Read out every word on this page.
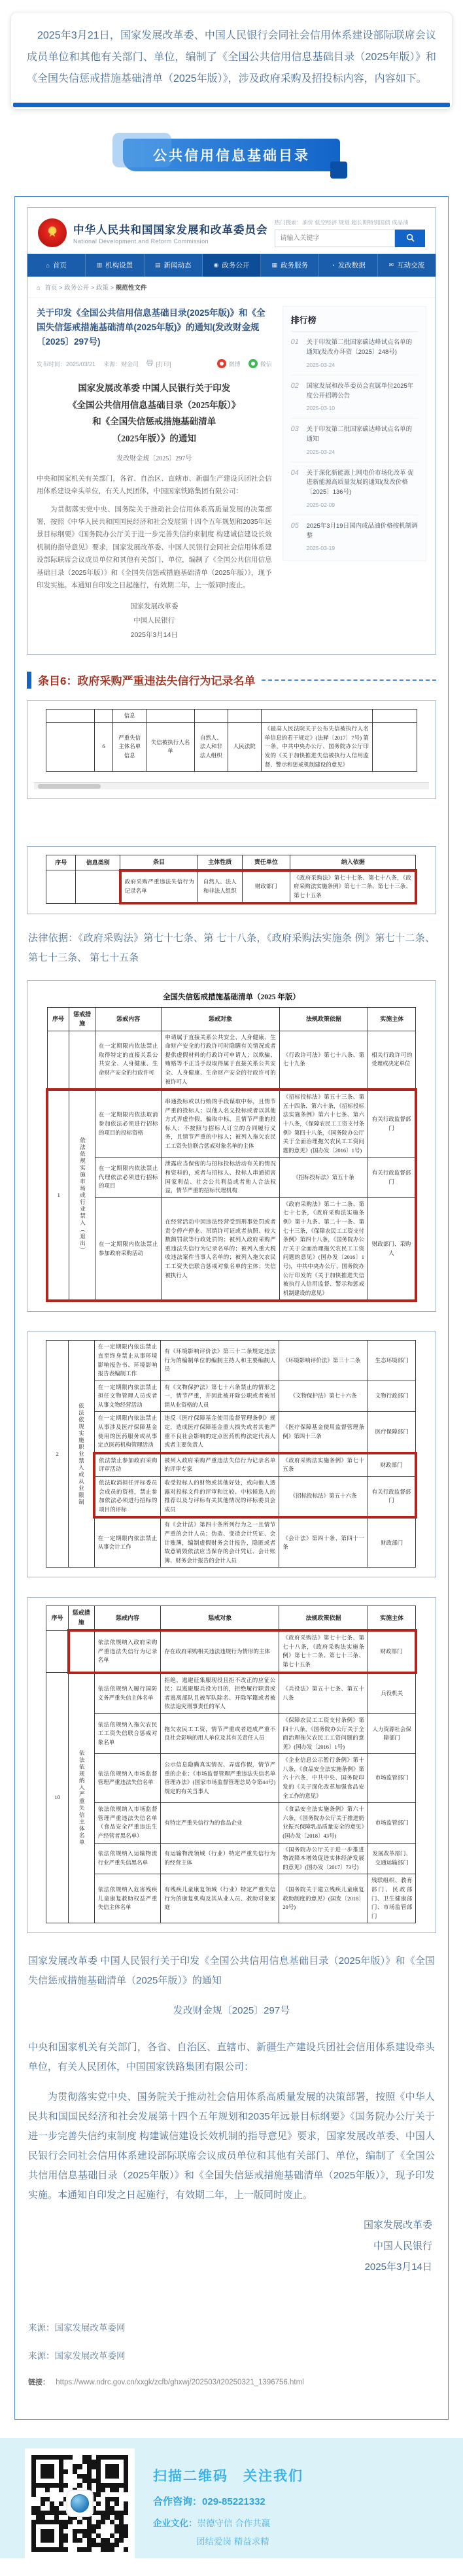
2025年3月21日，国家发展改革委、中国人民银行会同社会信用体系建设部际联席会议成员单位和其他有关部门、单位，编制了《全国公共信用信息基础目录（2025年版）》和《全国失信惩戒措施基础清单（2025年版）》，涉及政府采购及招投标内容，内容如下。

公共信用信息基础目录
★	中华人民共和国国家发展和改革委员会
National Development and Reform Commission
热门搜索：油价 低空经济 规划 超长期特别国债 成品油
请输入关键字
⌂ 首页	▥ 机构设置	▤ 新闻动态	◉ 政务公开	▦ 政务服务	◔ 发改数据	✉ 互动交流
⌂ 首页 > 政务公开 > 政策 > 规范性文件
关于印发《全国公共信用信息基础目录(2025年版)》和《全国失信惩戒措施基础清单(2025年版)》的通知(发改财金规〔2025〕297号)
发布时间：2025/03/21 来源：财金司	[打印]	微博	微信
国家发展改革委 中国人民银行关于印发
《全国公共信用信息基础目录（2025年版）》
和《全国失信惩戒措施基础清单
（2025年版）》的通知
发改财金规〔2025〕297号

中央和国家机关有关部门，各省、自治区、直辖市、新疆生产建设兵团社会信用体系建设牵头单位，有关人民团体，中国国家铁路集团有限公司：

为贯彻落实党中央、国务院关于推动社会信用体系高质量发展的决策部署，按照《中华人民共和国国民经济和社会发展第十四个五年规划和2035年远景目标纲要》《国务院办公厅关于进一步完善失信约束制度 构建诚信建设长效机制的指导意见》要求，国家发展改革委、中国人民银行会同社会信用体系建设部际联席会议成员单位和其他有关部门、单位，编制了《全国公共信用信息基础目录（2025年版）》和《全国失信惩戒措施基础清单（2025年版）》，现予印发实施。本通知自印发之日起施行，有效期二年，上一版同时废止。

国家发展改革委
中国人民银行
2025年3月14日
排行榜
01	关于印发第二批国家碳达峰试点名单的通知(发改办环资〔2025〕248号)
2025-03-24
02	国家发展和改革委员会直属单位2025年度公开招聘公告
2025-03-10
03	关于印发第二批国家碳达峰试点名单的通知
2025-03-24
04	关于深化新能源上网电价市场化改革 促进新能源高质量发展的通知(发改价格〔2025〕136号)
2025-02-09
05	2025年3月19日国内成品油价格按机制调整
2025-03-19
条目6：政府采购严重违法失信行为记录名单
		信息					
	6	严重失信主体名单信息	失信被执行人名单	自然人、法人和非法人组织	人民法院	《最高人民法院关于公布失信被执行人名单信息的若干规定》(法释〔2017〕7号) 第一条，中共中央办公厅、国务院办公厅印发的《关于加快推进失信被执行人信用监督、警示和惩戒机制建设的意见》	
序号	信息类别	条目	主体性质	责任单位	纳入依据
		政府采购严重违法失信行为记录名单	自然人、法人和非法人组织	财政部门	《政府采购法》第七十七条、第七十八条，《政府采购法实施条例》第七十二条、第七十三条、第七十五条

法律依据：《政府采购法》第七十七条、第 七十八条，《政府采购法实施条 例》第七十二条、第七十三条、 第七十五条

全国失信惩戒措施基础清单（2025 年版）
序号	惩戒措施	惩戒内容	惩戒对象	法规政策依据	实施主体
		在一定期限内依法禁止取得特定的直接关系公共安全、人身健康、生命财产安全的行政许可	申请属于直接关系公共安全、人身健康、生命财产安全的行政许可时隐瞒有关情况或者提供虚假材料的行政许可申请人；以欺骗、贿赂等不正当手段取得属于直接关系公共安全、人身健康、生命财产安全的行政许可的被许可人	《行政许可法》第七十八条、第七十九条	相关行政许可的受理或决定单位
1	依法依规实施市场或行业禁入（退出）	在一定期限内依法取消参加依法必须进行招标的项目的投标资格	串通投标或以行贿的手段谋取中标，且情节严重的投标人；以他人名义投标或者以其他方式弄虚作假，骗取中标，且情节严重的投标人；不按照与招标人订立的合同履行义务，且情节严重的中标人；被列入拖欠农民工工资失信联合惩戒对象名单的主体	《招标投标法》第五十三条、第五十四条、第六十条，《招标投标法实施条例》第六十七条、第六十八条，《保障农民工工资支付条例》第四十八条，《国务院办公厅关于全面治理拖欠农民工工资问题的意见》(国办发〔2016〕1号)	有关行政监督部门
		在一定期限内依法禁止代理依法必须进行招标的项目	泄露应当保密的与招标投标活动有关的情况和资料的，或者与招标人、投标人串通损害国家利益、社会公共利益或者他人合法权益，情节严重的招标代理机构	《招标投标法》第五十条	有关行政监督部门
		在一定期限内依法禁止参加政府采购活动	在经营活动中因违法经营受到刑事处罚或者责令停产停业、吊销许可证或者执照、较大数额罚款等行政处罚的；被列入政府采购严重违法失信行为记录名单的；被列入重大税收违法案件当事人名单的；被列入拖欠农民工工资失信联合惩戒对象名单的主体；失信被执行人	《政府采购法》第二十二条、第七十七条，《政府采购法实施条例》第十九条、第二十一条、第七十三条，《保障农民工工资支付条例》第四十八条，《国务院办公厅关于全面治理拖欠农民工工资问题的意见》(国办发〔2016〕1号)，中共中央办公厅、国务院办公厅印发的《关于加快推进失信被执行人信用监督、警示和惩戒机制建设的意见》	财政部门、采购人
2	依法依规实施职业禁入或从业限制	在一定期限内依法禁止直至终身禁止从事环境影响报告书、环境影响报告表编制工作	有《环境影响评价法》第三十二条规定违法行为的编制单位的编制主持人和主要编制人员	《环境影响评价法》第三十二条	生态环境部门
		在一定期限内依法禁止担任文物管理人员或者从事文物经营活动	有《文物保护法》第七十六条禁止的情形之一，情节严重，并因此被开除公职或者被吊销从业资格的人员	《文物保护法》第七十六条	文物行政部门
		在一定期限内依法禁止从事涉及医疗保障基金使用的医药服务或从事定点医药机构管理活动	违反《医疗保障基金使用监督管理条例》规定，造成医疗保障基金重大损失或者其他严重不良社会影响的定点医药机构法定代表人或者主要负责人	《医疗保障基金使用监督管理条例》第四十三条	医疗保障部门
		依法禁止参加政府采购评审活动	被列入政府采购严重违法失信行为记录名单的评审专家	《政府采购法实施条例》第七十五条	财政部门
		依法取消担任评标委员会成员的资格，禁止参加依法必须进行招标的项目的评标	收受投标人的财物或其他好处，或向他人透露对投标文件的评审和比较、中标候选人的推荐以及与评标有关其他情况的评标委员会成员	《招标投标法》第五十六条	有关行政监督部门
		在一定期限内依法禁止从事会计工作	有《会计法》第四十条所列行为之一且情节严重的会计人员；伪造、变造会计凭证、会计账簿，编制虚假财务会计报告，隐匿或者故意销毁依法应当保存的会计凭证、会计账簿、财务会计报告的会计人员	《会计法》第四十条、第四十一条	财政部门
序号	惩戒措施	惩戒内容	惩戒对象	法规政策依据	实施主体
		依法依规纳入政府采购严重违法失信行为记录名单	存在政府采购相关违法违规行为情形的主体	《政府采购法》第七十七条、第七十八条，《政府采购法实施条例》第七十二条、第七十三条、第七十五条	财政部门
10	依法依规纳入严重失信主体名单	依法依规纳入履行国防义务严重失信主体名单	拒绝、逃避征集服现役且拒不改正的应征公民；以逃避服兵役为目的，拒绝履行职责或者逃离部队且被军队除名、开除军籍或者被依法追究刑事责任的军人	《兵役法》第五十七条、第五十八条	兵役机关
		依法依规纳入拖欠农民工工资失信联合惩戒对象名单	拖欠农民工工资，情节严重或者造成严重不良社会影响的用人单位及其有关责任人员	《保障农民工工资支付条例》第四十八条，《国务院办公厅关于全面治理拖欠农民工工资问题的意见》(国办发〔2016〕1号)	人力资源社会保障部门
		依法依规纳入市场监督管理严重违法失信名单	公示信息隐瞒真实情况、弄虚作假，情节严重的企业；《市场监督管理严重违法失信名单管理办法》(国家市场监督管理总局令第44号)规定的有关当事人	《企业信息公示暂行条例》第十八条，《食品安全法实施条例》第六十六条，中共中央、国务院印发的《关于深化改革加强食品安全工作的意见》	市场监管部门
		依法依规纳入市场监督管理严重违法失信名单（食品安全严重违法生产经营者黑名单）	有特定严重失信行为的食品企业	《食品安全法实施条例》第六十六条，《国务院办公厅关于推进奶业振兴保障乳品质量安全的意见》(国办发〔2018〕43号)	市场监管部门
		依法依规纳入运输物流行业严重失信黑名单	有运输物流领域（行业）特定严重失信行为的经营主体	《国务院办公厅关于进一步推进物流降本增效促进实体经济发展的意见》(国办发〔2017〕73号)	发展改革部门、交通运输部门
		依法依规纳入危害残疾儿童康复救助权益严重失信主体名单	有残疾儿童康复领域（行业）特定严重失信行为的康复机构及其从业人员、救助对象家庭	《国务院关于建立残疾儿童康复救助制度的意见》(国发〔2018〕20号)	残联组织、教育部门、民政部门、卫生健康部门、市场监管部门

国家发展改革委 中国人民银行关于印发《全国公共信用信息基础目录（2025年版）》和《全国失信惩戒措施基础清单（2025年版）》的通知

发改财金规〔2025〕297号

中央和国家机关有关部门，各省、自治区、直辖市、新疆生产建设兵团社会信用体系建设牵头单位，有关人民团体，中国国家铁路集团有限公司：

为贯彻落实党中央、国务院关于推动社会信用体系高质量发展的决策部署，按照《中华人民共和国国民经济和社会发展第十四个五年规划和2035年远景目标纲要》《国务院办公厅关于进一步完善失信约束制度 构建诚信建设长效机制的指导意见》要求，国家发展改革委、中国人民银行会同社会信用体系建设部际联席会议成员单位和其他有关部门、单位，编制了《全国公共信用信息基础目录（2025年版）》和《全国失信惩戒措施基础清单（2025年版）》，现予印发实施。本通知自印发之日起施行，有效期二年，上一版同时废止。

国家发展改革委
中国人民银行
2025年3月14日

来源：国家发展改革委网

来源：国家发展改革委网

链接： https://www.ndrc.gov.cn/xxgk/zcfb/ghxwj/202503/t20250321_1396756.html

扫描二维码　关注我们
合作咨询：029-85221332
企业文化：崇德守信 合作共赢
团结爱岗 精益求精
